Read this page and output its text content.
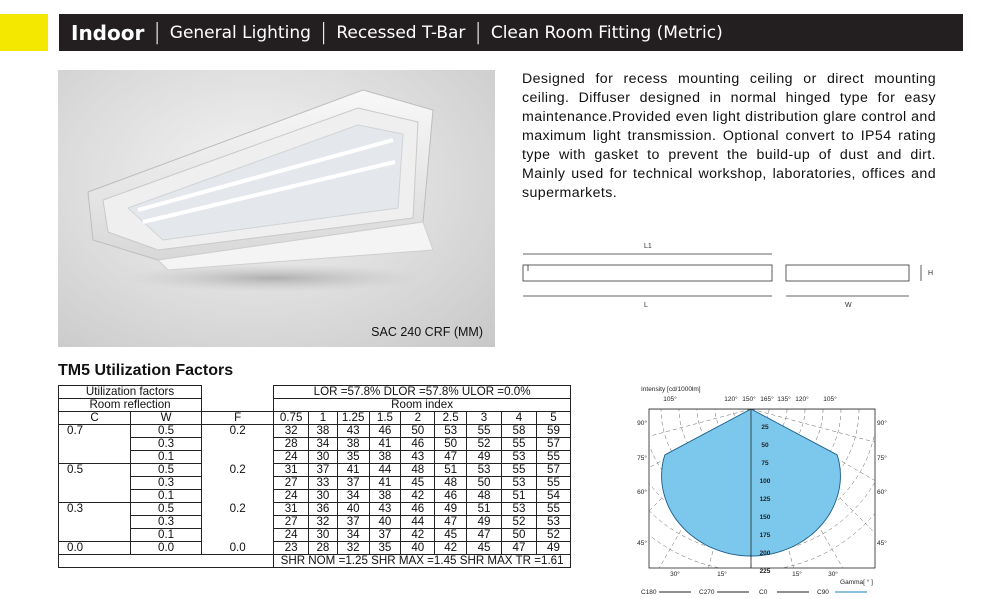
Indoor | General Lighting | Recessed T-Bar | Clean Room Fitting (Metric)
SAC 240 CRF (MM)

Designed for recess mounting ceiling or direct mounting ceiling. Diffuser designed in normal hinged type for easy maintenance.Provided even light distribution glare control and maximum light transmission. Optional convert to IP54 rating type with gasket to prevent the build-up of dust and dirt. Mainly used for technical workshop, laboratories, offices and supermarkets.

L1
H
L	W
TM5 Utilization Factors
Utilization factors			LOR =57.8% DLOR =57.8% ULOR =0.0%								
Room reflection			Room index								
C	W	F	0.75	1	1.25	1.5	2	2.5	3	4	5
0.7	0.5	0.2	32	38	43	46	50	53	55	58	59
	0.3		28	34	38	41	46	50	52	55	57
	0.1		24	30	35	38	43	47	49	53	55
0.5	0.5	0.2	31	37	41	44	48	51	53	55	57
	0.3		27	33	37	41	45	48	50	53	55
	0.1		24	30	34	38	42	46	48	51	54
0.3	0.5	0.2	31	36	40	43	46	49	51	53	55
	0.3		27	32	37	40	44	47	49	52	53
	0.1		24	30	34	37	42	45	47	50	52
0.0	0.0	0.0	23	28	32	35	40	42	45	47	49
			SHR NOM =1.25 SHR MAX =1.45 SHR MAX TR =1.61								
Intensity [cd/1000lm]
105°	120° 150° 165° 135° 120° 105°
25
50
75
100
125
150
175
200
225
90°	90°
75°	75°
60°	60°
45°	45°
30°	15°	15°	30°
Gamma[ ° ]
C180	C270	C0	C90
